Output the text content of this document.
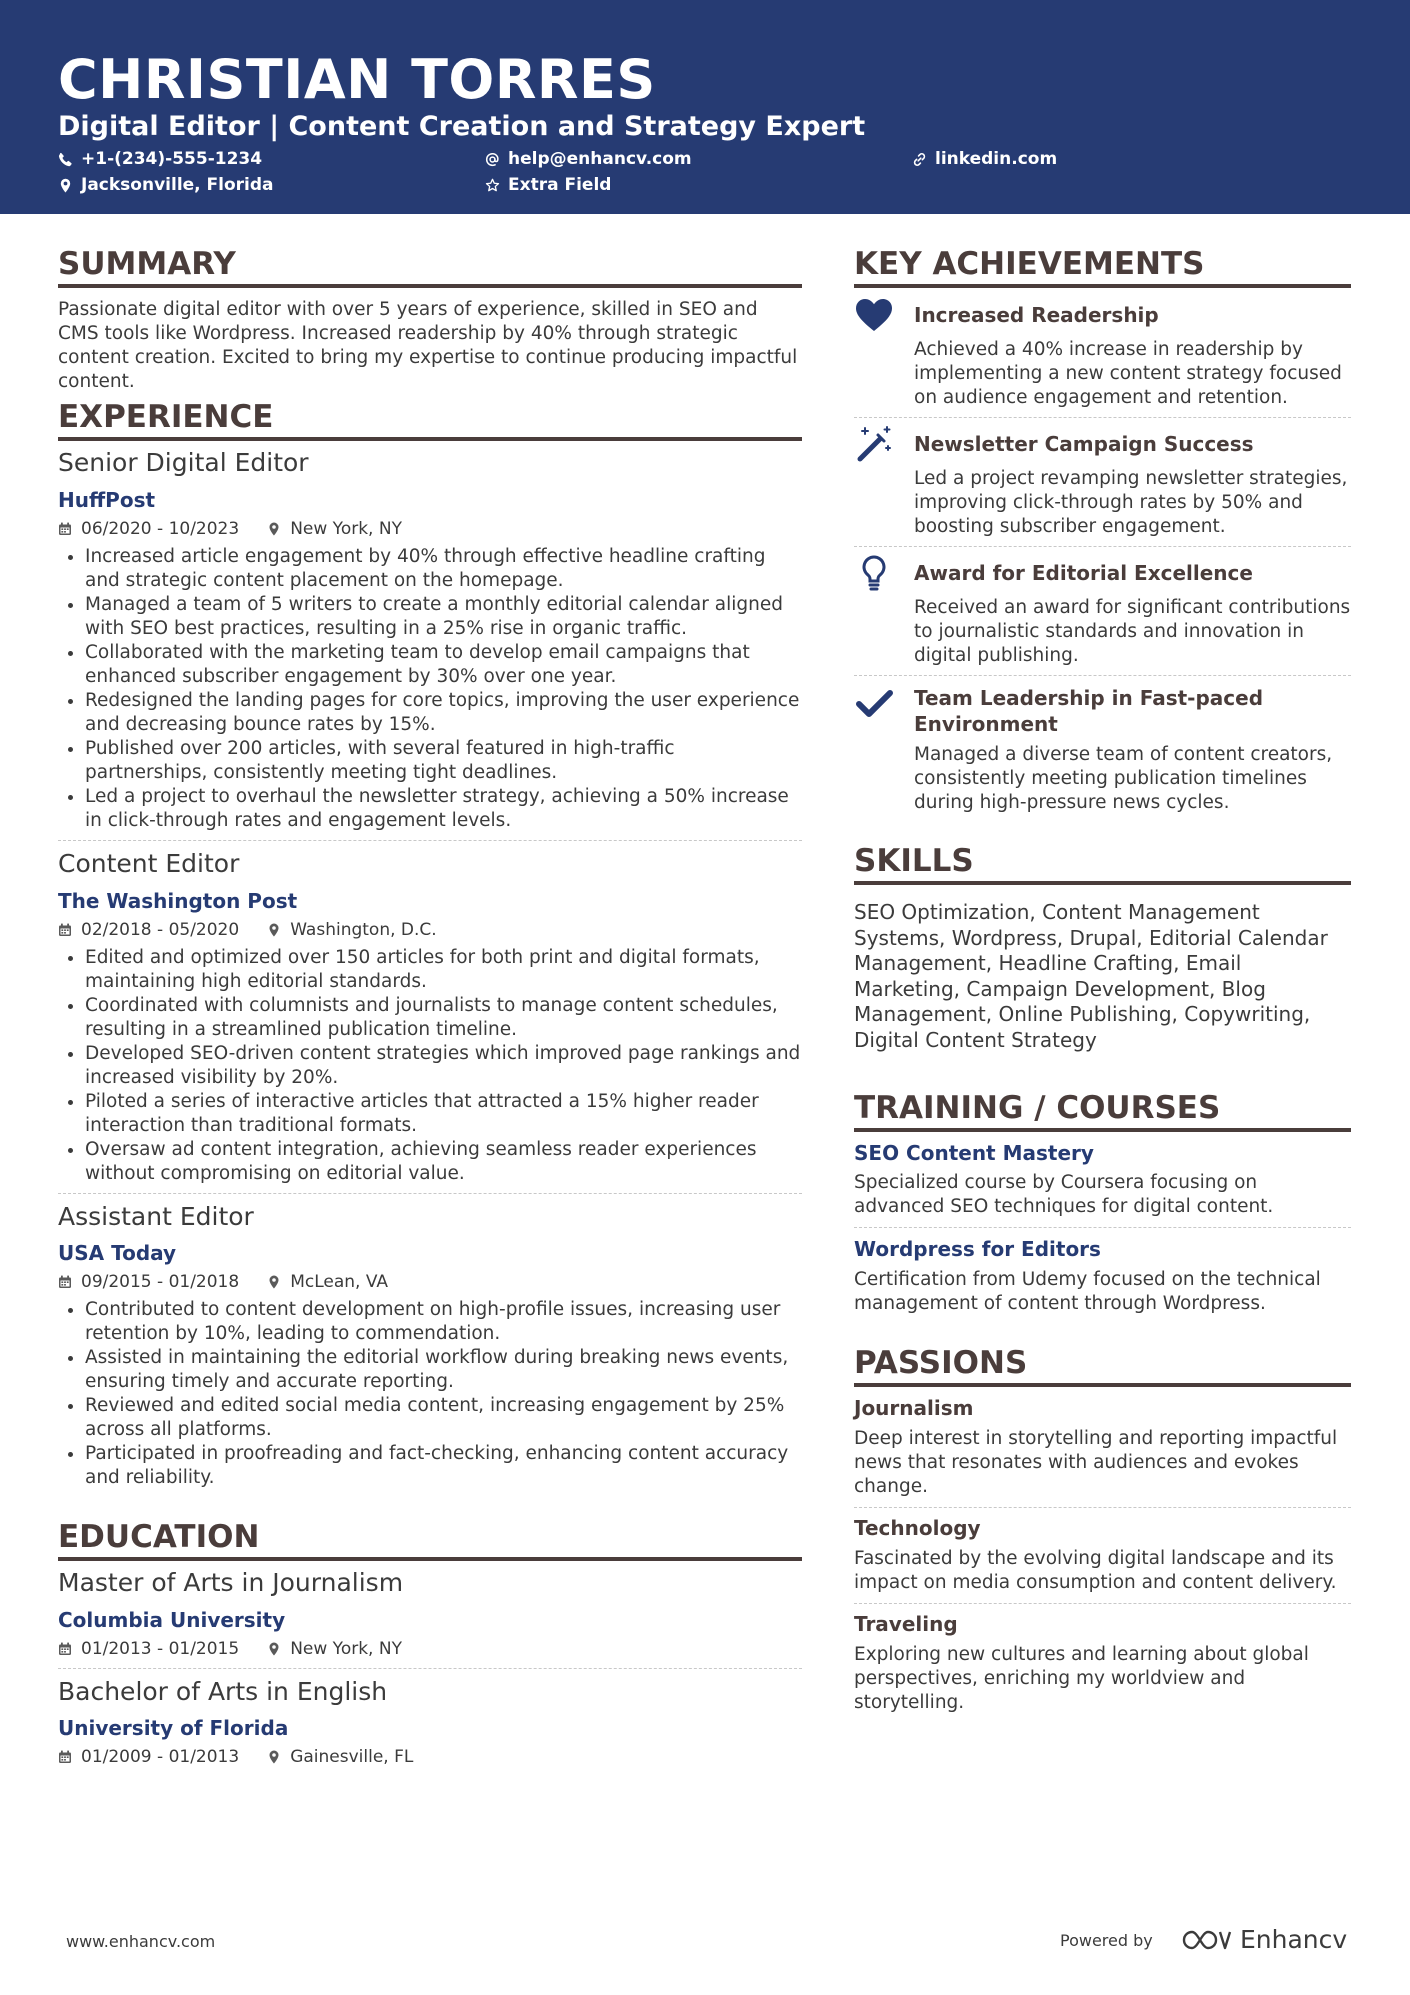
CHRISTIAN TORRES
Digital Editor | Content Creation and Strategy Expert
+1-(234)-555-1234	help@enhancv.com	linkedin.com
Jacksonville, Florida	Extra Field
SUMMARY
Passionate digital editor with over 5 years of experience, skilled in SEO and CMS tools like Wordpress. Increased readership by 40% through strategic content creation. Excited to bring my expertise to continue producing impactful content.
EXPERIENCE
Senior Digital Editor
HuffPost
06/2020 - 10/2023	New York, NY
• Increased article engagement by 40% through effective headline crafting and strategic content placement on the homepage.
• Managed a team of 5 writers to create a monthly editorial calendar aligned with SEO best practices, resulting in a 25% rise in organic traffic.
• Collaborated with the marketing team to develop email campaigns that enhanced subscriber engagement by 30% over one year.
• Redesigned the landing pages for core topics, improving the user experience and decreasing bounce rates by 15%.
• Published over 200 articles, with several featured in high-traffic partnerships, consistently meeting tight deadlines.
• Led a project to overhaul the newsletter strategy, achieving a 50% increase in click-through rates and engagement levels.
Content Editor
The Washington Post
02/2018 - 05/2020	Washington, D.C.
• Edited and optimized over 150 articles for both print and digital formats, maintaining high editorial standards.
• Coordinated with columnists and journalists to manage content schedules, resulting in a streamlined publication timeline.
• Developed SEO-driven content strategies which improved page rankings and increased visibility by 20%.
• Piloted a series of interactive articles that attracted a 15% higher reader interaction than traditional formats.
• Oversaw ad content integration, achieving seamless reader experiences without compromising on editorial value.
Assistant Editor
USA Today
09/2015 - 01/2018	McLean, VA
• Contributed to content development on high-profile issues, increasing user retention by 10%, leading to commendation.
• Assisted in maintaining the editorial workflow during breaking news events, ensuring timely and accurate reporting.
• Reviewed and edited social media content, increasing engagement by 25% across all platforms.
• Participated in proofreading and fact-checking, enhancing content accuracy and reliability.
EDUCATION
Master of Arts in Journalism
Columbia University
01/2013 - 01/2015	New York, NY
Bachelor of Arts in English
University of Florida
01/2009 - 01/2013	Gainesville, FL
KEY ACHIEVEMENTS
Increased Readership
Achieved a 40% increase in readership by implementing a new content strategy focused on audience engagement and retention.
Newsletter Campaign Success
Led a project revamping newsletter strategies, improving click-through rates by 50% and boosting subscriber engagement.
Award for Editorial Excellence
Received an award for significant contributions to journalistic standards and innovation in digital publishing.
Team Leadership in Fast-paced Environment
Managed a diverse team of content creators, consistently meeting publication timelines during high-pressure news cycles.
SKILLS
SEO Optimization, Content Management Systems, Wordpress, Drupal, Editorial Calendar Management, Headline Crafting, Email Marketing, Campaign Development, Blog Management, Online Publishing, Copywriting, Digital Content Strategy
TRAINING / COURSES
SEO Content Mastery
Specialized course by Coursera focusing on advanced SEO techniques for digital content.
Wordpress for Editors
Certification from Udemy focused on the technical management of content through Wordpress.
PASSIONS
Journalism
Deep interest in storytelling and reporting impactful news that resonates with audiences and evokes change.
Technology
Fascinated by the evolving digital landscape and its impact on media consumption and content delivery.
Traveling
Exploring new cultures and learning about global perspectives, enriching my worldview and storytelling.
www.enhancv.com	Powered by	Enhancv
